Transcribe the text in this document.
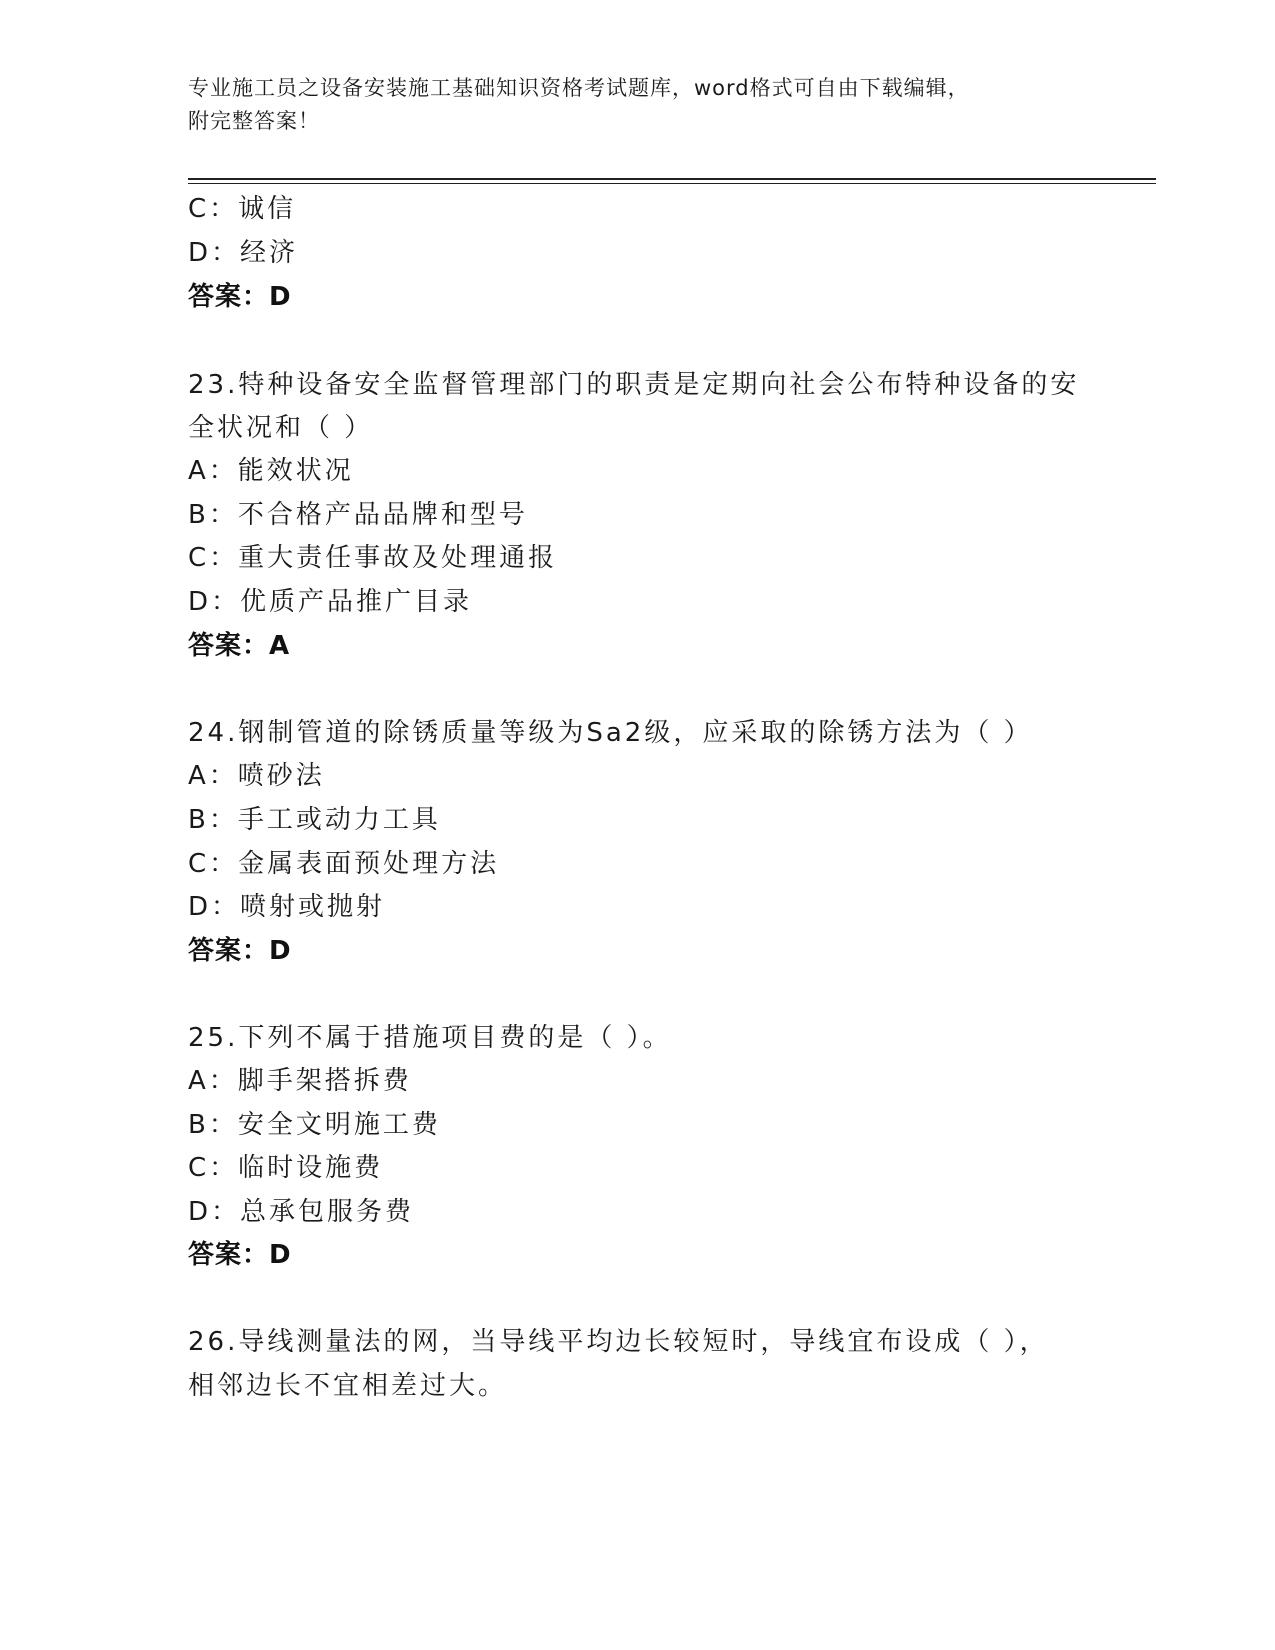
专业施工员之设备安装施工基础知识资格考试题库，word格式可自由下载编辑，
附完整答案！
C：诚信
D：经济
答案：D
23.特种设备安全监督管理部门的职责是定期向社会公布特种设备的安
全状况和（ ）
A：能效状况
B：不合格产品品牌和型号
C：重大责任事故及处理通报
D：优质产品推广目录
答案：A
24.钢制管道的除锈质量等级为Sa2级，应采取的除锈方法为（ ）
A：喷砂法
B：手工或动力工具
C：金属表面预处理方法
D：喷射或抛射
答案：D
25.下列不属于措施项目费的是（ ）。
A：脚手架搭拆费
B：安全文明施工费
C：临时设施费
D：总承包服务费
答案：D
26.导线测量法的网，当导线平均边长较短时，导线宜布设成（ ），
相邻边长不宜相差过大。
